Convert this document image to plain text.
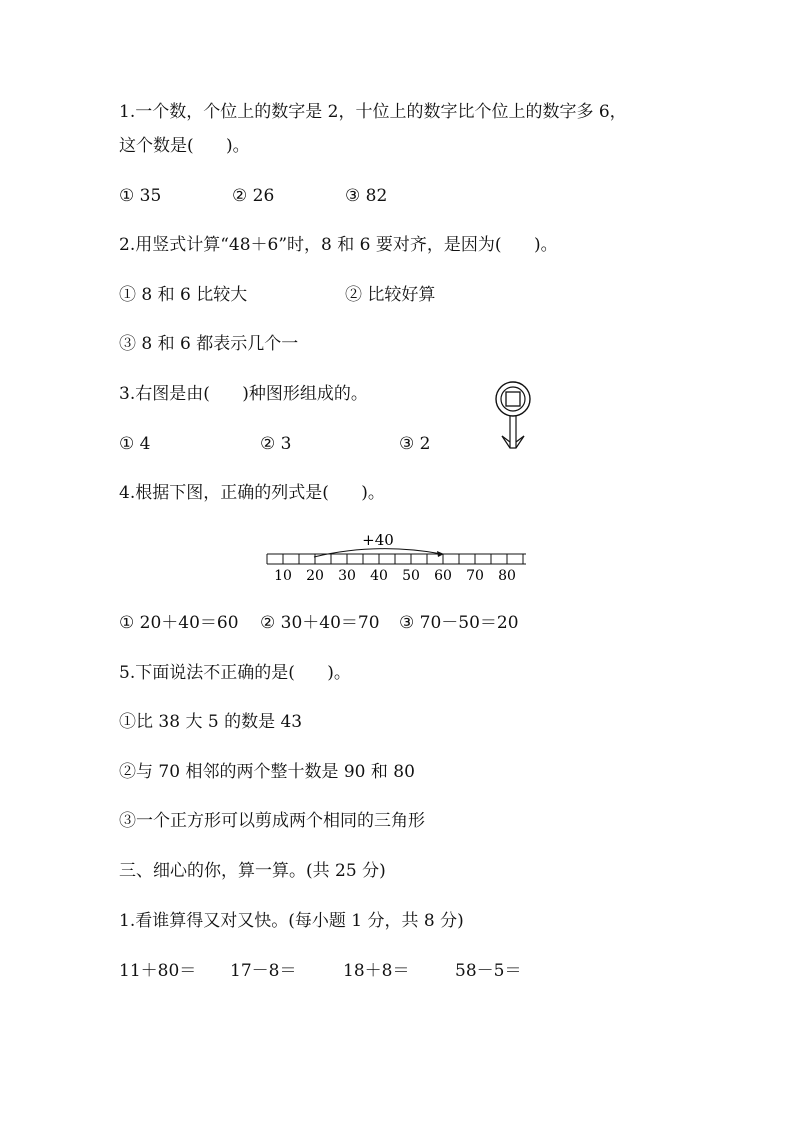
1.一个数，个位上的数字是 2，十位上的数字比个位上的数字多 6，
这个数是(      )。
① 35	② 26	③ 82
2.用竖式计算“48＋6”时，8 和 6 要对齐，是因为(      )。
① 8 和 6 比较大	② 比较好算
③ 8 和 6 都表示几个一
3.右图是由(      )种图形组成的。
① 4	② 3	③ 2
4.根据下图，正确的列式是(      )。
+40
10 20 30 40 50 60 70 80
① 20＋40＝60 ② 30＋40＝70 ③ 70－50＝20
5.下面说法不正确的是(      )。
①比 38 大 5 的数是 43
②与 70 相邻的两个整十数是 90 和 80
③一个正方形可以剪成两个相同的三角形
三、细心的你，算一算。(共 25 分)
1.看谁算得又对又快。(每小题 1 分，共 8 分)
11＋80＝ 17－8＝	18＋8＝	58－5＝
